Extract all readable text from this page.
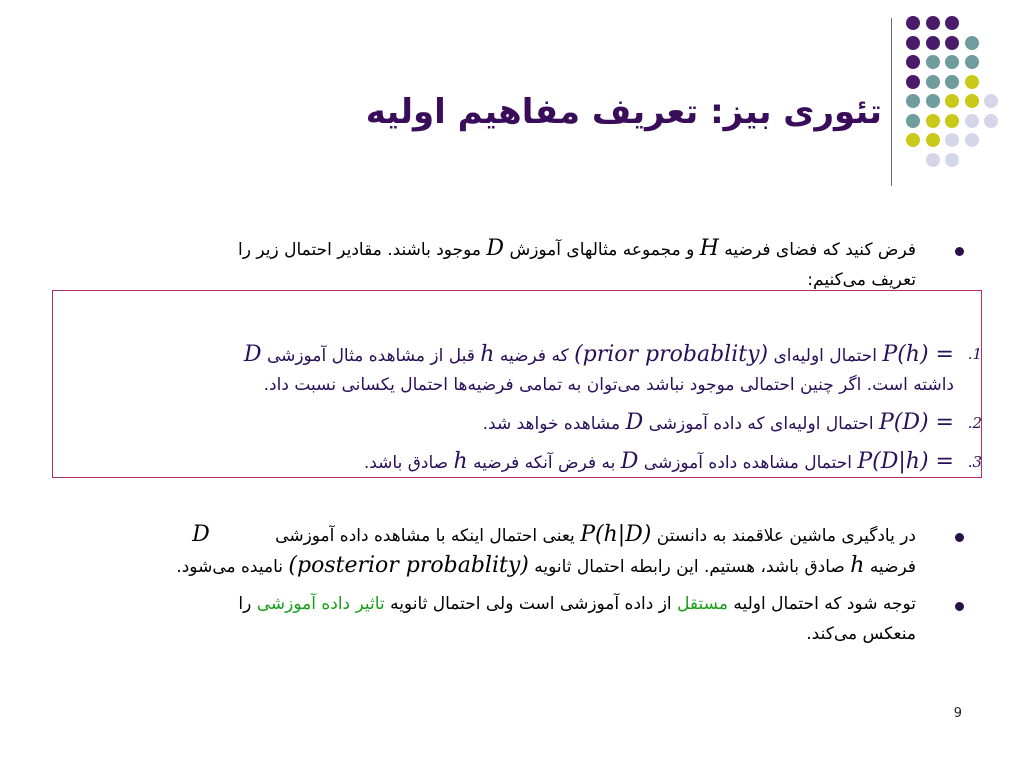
تئوری بیز: تعریف مفاهیم اولیه
فرض کنید که فضای فرضیه H و مجموعه مثالهای آموزش D موجود باشند. مقادیر احتمال زیر را
تعریف می‌کنیم:
.1
P(h) = احتمال اولیه‌ای (prior probablity) که فرضیه h قبل از مشاهده مثال آموزشی D
داشته است. اگر چنین احتمالی موجود نباشد می‌توان به تمامی فرضیه‌ها احتمال یکسانی نسبت داد.
.2
P(D) = احتمال اولیه‌ای که داده آموزشی D مشاهده خواهد شد.
.3
P(D|h) = احتمال مشاهده داده آموزشی D به فرض آنکه فرضیه h صادق باشد.
در یادگیری ماشین علاقمند به دانستن P(h|D) یعنی احتمال اینکه با مشاهده داده آموزشی D
فرضیه h صادق باشد، هستیم. این رابطه احتمال ثانویه (posterior probablity) نامیده می‌شود.
توجه شود که احتمال اولیه مستقل از داده آموزشی است ولی احتمال ثانویه تاثیر داده آموزشی را
منعکس می‌کند.
9
